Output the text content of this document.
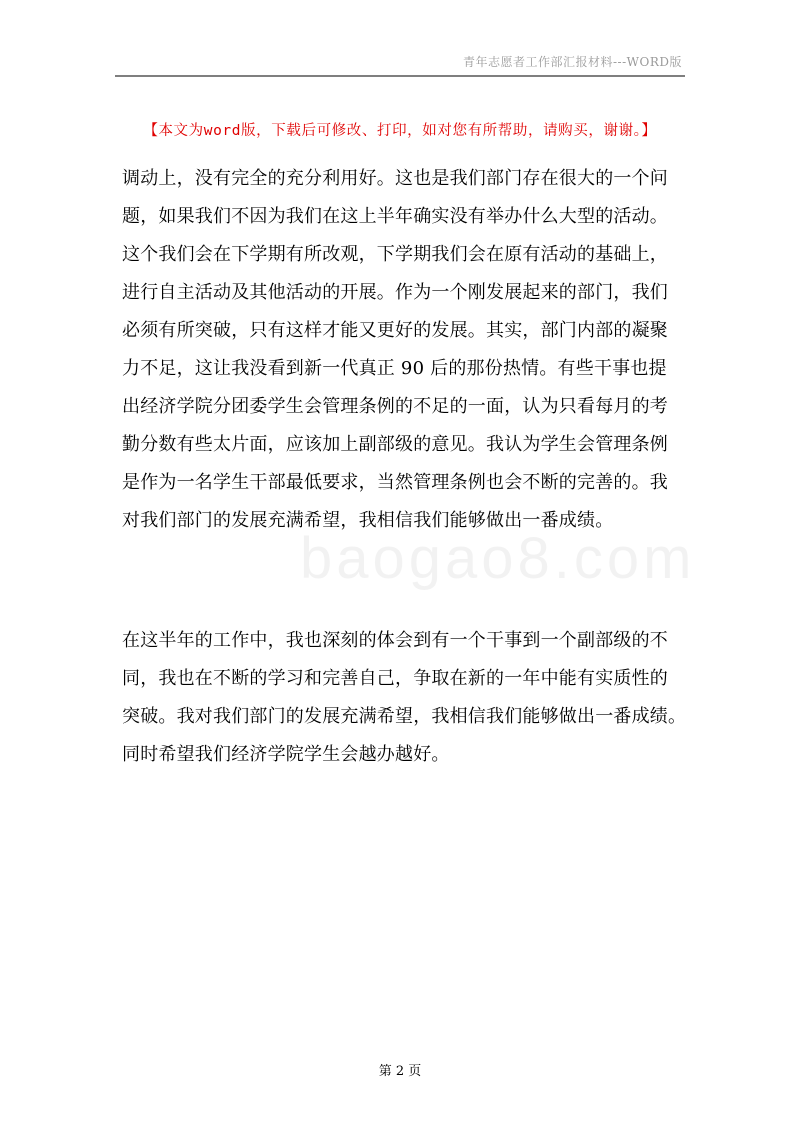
青年志愿者工作部汇报材料---WORD版
【本文为word版，下载后可修改、打印，如对您有所帮助，请购买，谢谢。】
baogao8.com
调动上，没有完全的充分利用好。这也是我们部门存在很大的一个问
题，如果我们不因为我们在这上半年确实没有举办什么大型的活动。
这个我们会在下学期有所改观，下学期我们会在原有活动的基础上，
进行自主活动及其他活动的开展。作为一个刚发展起来的部门，我们
必须有所突破，只有这样才能又更好的发展。其实，部门内部的凝聚
力不足，这让我没看到新一代真正 90 后的那份热情。有些干事也提
出经济学院分团委学生会管理条例的不足的一面，认为只看每月的考
勤分数有些太片面，应该加上副部级的意见。我认为学生会管理条例
是作为一名学生干部最低要求，当然管理条例也会不断的完善的。我
对我们部门的发展充满希望，我相信我们能够做出一番成绩。
在这半年的工作中，我也深刻的体会到有一个干事到一个副部级的不
同，我也在不断的学习和完善自己，争取在新的一年中能有实质性的
突破。我对我们部门的发展充满希望，我相信我们能够做出一番成绩。
同时希望我们经济学院学生会越办越好。
第 2 页
